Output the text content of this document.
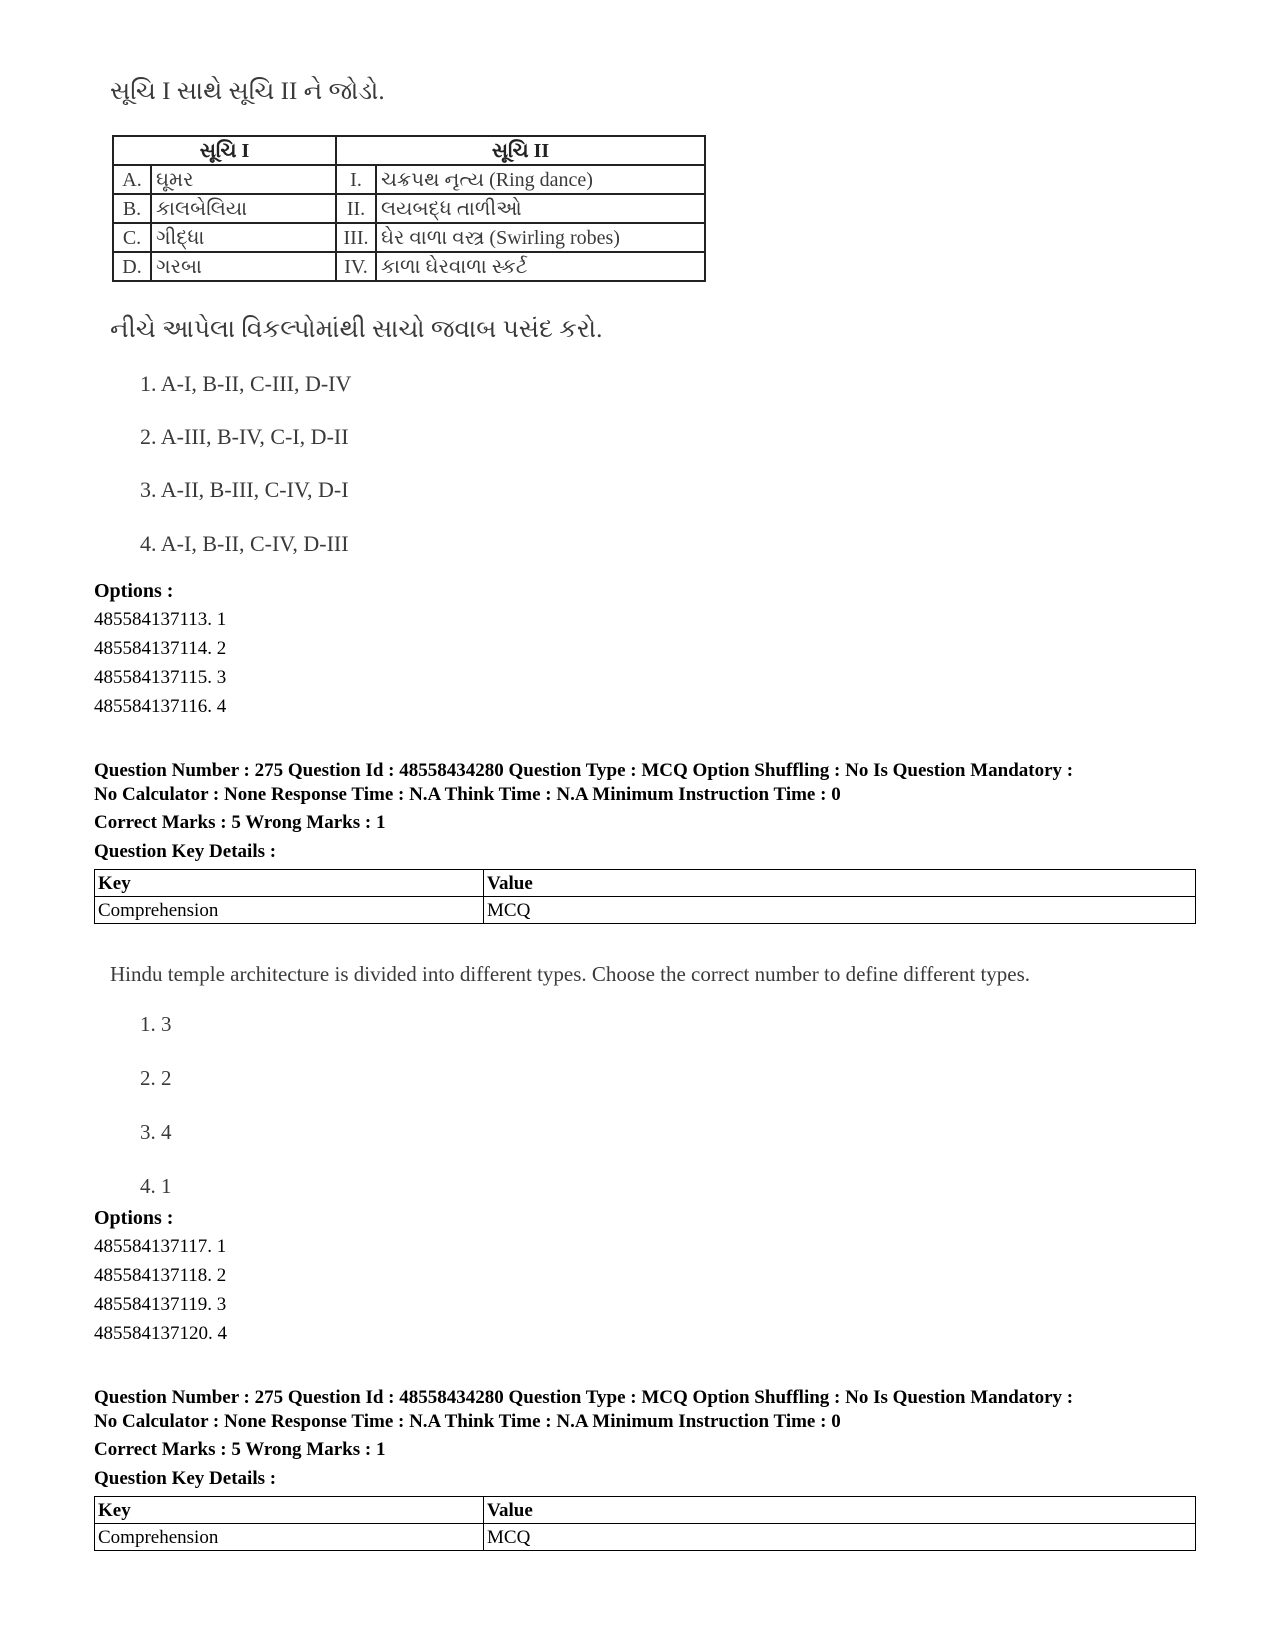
સૂચિ I સાથે સૂચિ II ને જોડો.
સૂચિ I		સૂચિ II	
A.	ઘૂમર	I.	ચક્રપથ નૃત્ય (Ring dance)
B.	કાલબેલિયા	II.	લયબદ્ધ તાળીઓ
C.	ગીદ્ધા	III.	ઘેર વાળા વસ્ત્ર (Swirling robes)
D.	ગરબા	IV.	કાળા ઘેરવાળા સ્કર્ટ
નીચે આપેલા વિકલ્પોમાંથી સાચો જવાબ પસંદ કરો.
1. A-I, B-II, C-III, D-IV
2. A-III, B-IV, C-I, D-II
3. A-II, B-III, C-IV, D-I
4. A-I, B-II, C-IV, D-III
Options :
485584137113. 1
485584137114. 2
485584137115. 3
485584137116. 4
Question Number : 275 Question Id : 48558434280 Question Type : MCQ Option Shuffling : No Is Question Mandatory :
No Calculator : None Response Time : N.A Think Time : N.A Minimum Instruction Time : 0
Correct Marks : 5 Wrong Marks : 1
Question Key Details :
Key	Value
Comprehension	MCQ
Hindu temple architecture is divided into different types. Choose the correct number to define different types.
1. 3
2. 2
3. 4
4. 1
Options :
485584137117. 1
485584137118. 2
485584137119. 3
485584137120. 4
Question Number : 275 Question Id : 48558434280 Question Type : MCQ Option Shuffling : No Is Question Mandatory :
No Calculator : None Response Time : N.A Think Time : N.A Minimum Instruction Time : 0
Correct Marks : 5 Wrong Marks : 1
Question Key Details :
Key	Value
Comprehension	MCQ
